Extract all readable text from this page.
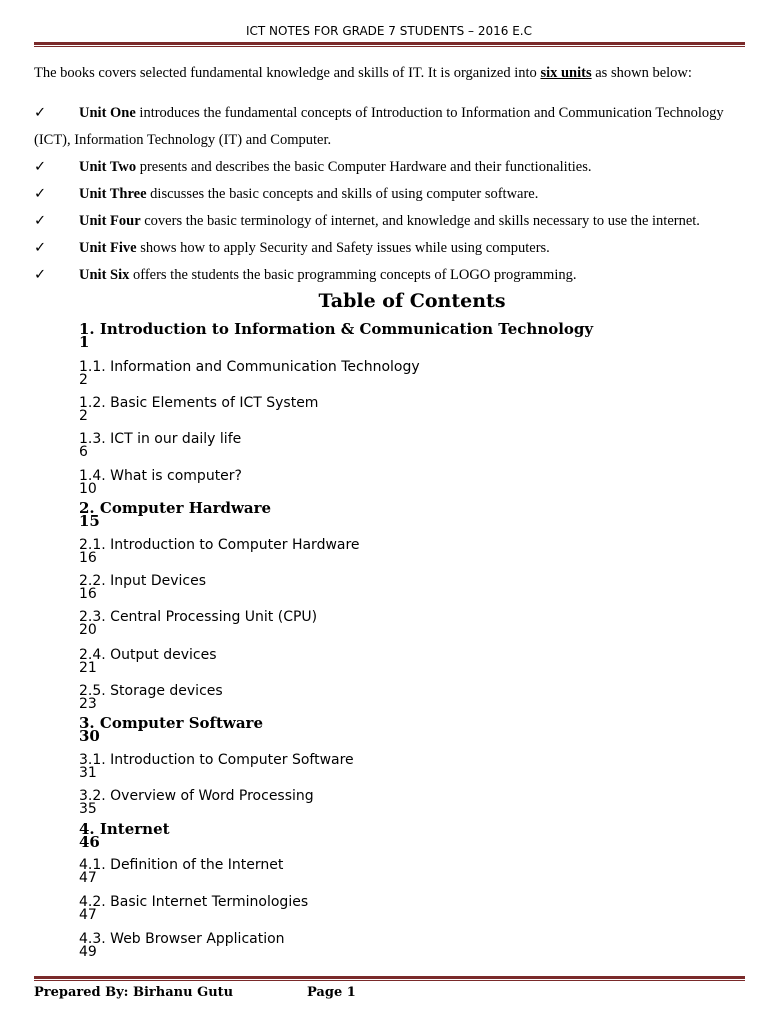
ICT NOTES FOR GRADE 7 STUDENTS – 2016 E.C
The books covers selected fundamental knowledge and skills of IT. It is organized into six units as shown below:
✓	Unit One introduces the fundamental concepts of Introduction to Information and Communication Technology (ICT), Information Technology (IT) and Computer.
✓	Unit Two presents and describes the basic Computer Hardware and their functionalities.
✓	Unit Three discusses the basic concepts and skills of using computer software.
✓	Unit Four covers the basic terminology of internet, and knowledge and skills necessary to use the internet.
✓	Unit Five shows how to apply Security and Safety issues while using computers.
✓	Unit Six offers the students the basic programming concepts of LOGO programming.
Table of Contents
1. Introduction to Information & Communication Technology
1
1.1. Information and Communication Technology
2
1.2. Basic Elements of ICT System
2
1.3. ICT in our daily life
6
1.4. What is computer?
10
2. Computer Hardware
15
2.1. Introduction to Computer Hardware
16
2.2. Input Devices
16
2.3. Central Processing Unit (CPU)
20
2.4. Output devices
21
2.5. Storage devices
23
3. Computer Software
30
3.1. Introduction to Computer Software
31
3.2. Overview of Word Processing
35
4. Internet
46
4.1. Definition of the Internet
47
4.2. Basic Internet Terminologies
47
4.3. Web Browser Application
49
Prepared By: Birhanu Gutu	Page 1
